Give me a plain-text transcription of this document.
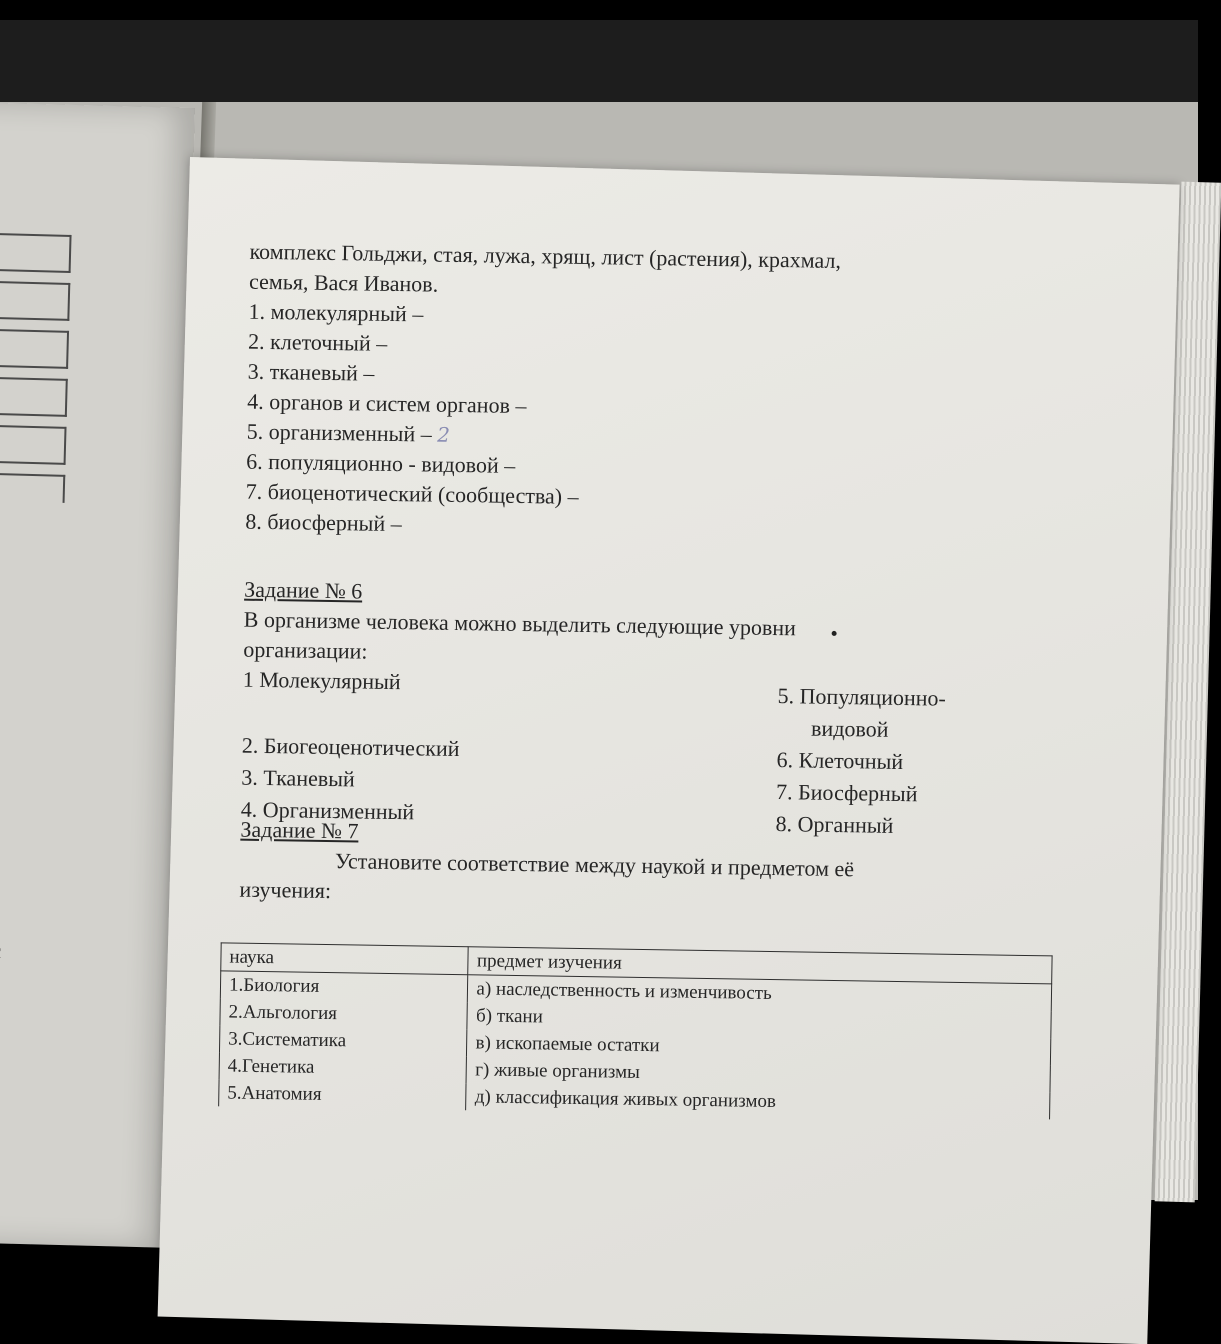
комплекс Гольджи, стая, лужа, хрящ, лист (растения), крахмал,

семья, Вася Иванов.

1. молекулярный –
2. клеточный –
3. тканевый –
4. органов и систем органов –
5. организменный – 2
6. популяционно - видовой –
7. биоценотический (сообщества) –
8. биосферный –

Задание № 6

В организме человека можно выделить следующие уровни

организации:

1 Молекулярный
2. Биогеоценотический
3. Тканевый
4. Организменный
5. Популяционно-
видовой
6. Клеточный
7. Биосферный
8. Органный

Задание № 7

Установите соответствие между наукой и предметом её

изучения:

наука	предмет изучения
1.Биология	а) наследственность и изменчивость
2.Альгология	б) ткани
3.Систематика	в) ископаемые остатки
4.Генетика	г) живые организмы
5.Анатомия	д) классификация живых организмов
